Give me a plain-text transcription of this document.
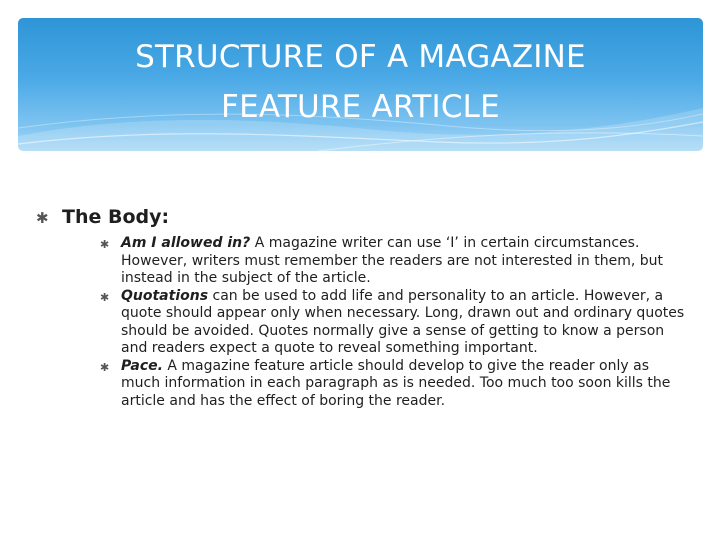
STRUCTURE OF A MAGAZINE
FEATURE ARTICLE
✱ The Body:
✱ Am I allowed in? A magazine writer can use ‘I’ in certain circumstances. However, writers must remember the readers are not interested in them, but instead in the subject of the article.
✱ Quotations can be used to add life and personality to an article. However, a quote should appear only when necessary. Long, drawn out and ordinary quotes should be avoided. Quotes normally give a sense of getting to know a person and readers expect a quote to reveal something important.
✱ Pace. A magazine feature article should develop to give the reader only as much information in each paragraph as is needed. Too much too soon kills the article and has the effect of boring the reader.
